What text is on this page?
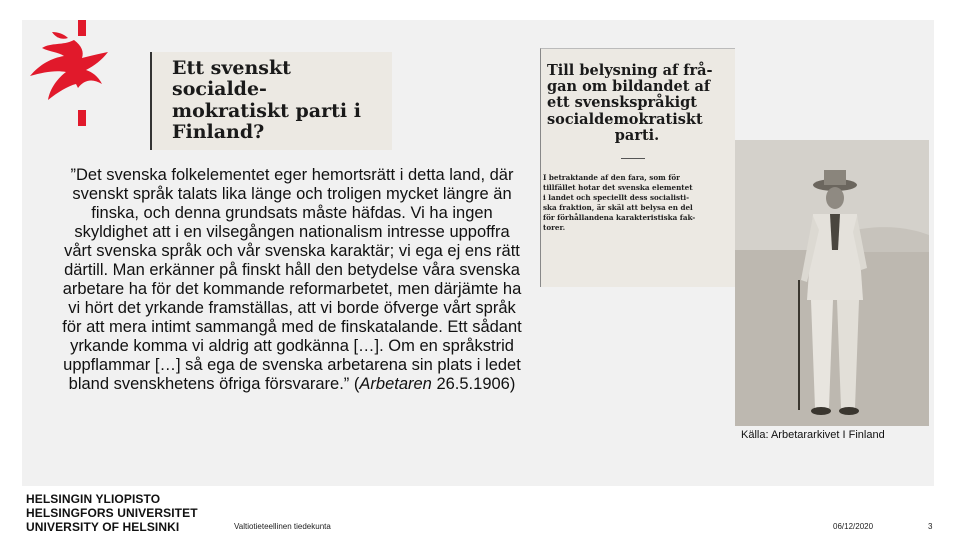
Ett svenskt socialde-
mokratiskt parti i
Finland?
Till belysning af frå-
gan om bildandet af
ett svenskspråkigt
socialdemokratiskt
parti.
I betraktande af den fara, som för
tillfället hotar det svenska elementet
i landet och speciellt dess socialisti-
ska fraktion, är skäl att belysa en del
för förhållandena karakteristiska fak-
torer.
”Det svenska folkelementet eger hemortsrätt i detta land, där svenskt språk talats lika länge och troligen mycket längre än finska, och denna grundsats måste häfdas. Vi ha ingen skyldighet att i en vilsegången nationalism intresse uppoffra vårt svenska språk och vår svenska karaktär; vi ega ej ens rätt därtill. Man erkänner på finskt håll den betydelse våra svenska arbetare ha för det kommande reformarbetet, men därjämte ha vi hört det yrkande framställas, att vi borde öfverge vårt språk för att mera intimt sammangå med de finskatalande. Ett sådant yrkande komma vi aldrig att godkänna […]. Om en språkstrid uppflammar […] så ega de svenska arbetarena sin plats i ledet bland svenskhetens öfriga försvarare.” (Arbetaren 26.5.1906)
Källa: Arbetararkivet I Finland
HELSINGIN YLIOPISTO
HELSINGFORS UNIVERSITET
UNIVERSITY OF HELSINKI	Valtiotieteellinen tiedekunta	06/12/2020	3
